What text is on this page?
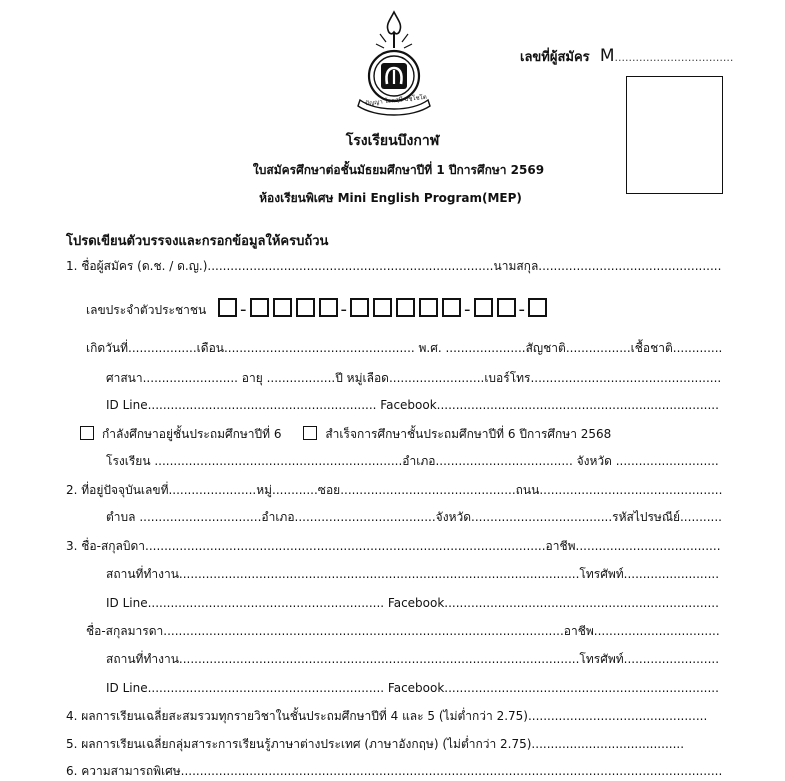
ปัญญา โลกสฺมึ ปชฺโชโต
เลขที่ผู้สมัคร M..................................
โรงเรียนบึงกาฬ
ใบสมัครศึกษาต่อชั้นมัธยมศึกษาปีที่ 1 ปีการศึกษา 2569
ห้องเรียนพิเศษ Mini English Program(MEP)
โปรดเขียนตัวบรรจงและกรอกข้อมูลให้ครบถ้วน
1. ชื่อผู้สมัคร (ด.ช. / ด.ญ.)...........................................................................นามสกุล................................................
เลขประจำตัวประชาชน -	-	-	-
เกิดวันที่..................เดือน.................................................. พ.ศ. .....................สัญชาติ.................เชื้อชาติ.............
ศาสนา......................... อายุ ..................ปี หมู่เลือด.........................เบอร์โทร..................................................
ID Line............................................................ Facebook..........................................................................
กำลังศึกษาอยู่ชั้นประถมศึกษาปีที่ 6	สำเร็จการศึกษาชั้นประถมศึกษาปีที่ 6 ปีการศึกษา 2568
โรงเรียน .................................................................อำเภอ.................................... จังหวัด ...........................
2. ที่อยู่ปัจจุบันเลขที่.......................หมู่............ซอย..............................................ถนน................................................
ตำบล ................................อำเภอ.....................................จังหวัด.....................................รหัสไปรษณีย์...........
3. ชื่อ-สกุลบิดา.........................................................................................................อาชีพ......................................
สถานที่ทำงาน.........................................................................................................โทรศัพท์.........................
ID Line.............................................................. Facebook........................................................................
ชื่อ-สกุลมารดา.........................................................................................................อาชีพ.................................
สถานที่ทำงาน.........................................................................................................โทรศัพท์.........................
ID Line.............................................................. Facebook........................................................................
4. ผลการเรียนเฉลี่ยสะสมรวมทุกรายวิชาในชั้นประถมศึกษาปีที่ 4 และ 5 (ไม่ต่ำกว่า 2.75)...............................................
5. ผลการเรียนเฉลี่ยกลุ่มสาระการเรียนรู้ภาษาต่างประเทศ (ภาษาอังกฤษ) (ไม่ต่ำกว่า 2.75)........................................
6. ความสามารถพิเศษ..............................................................................................................................................
